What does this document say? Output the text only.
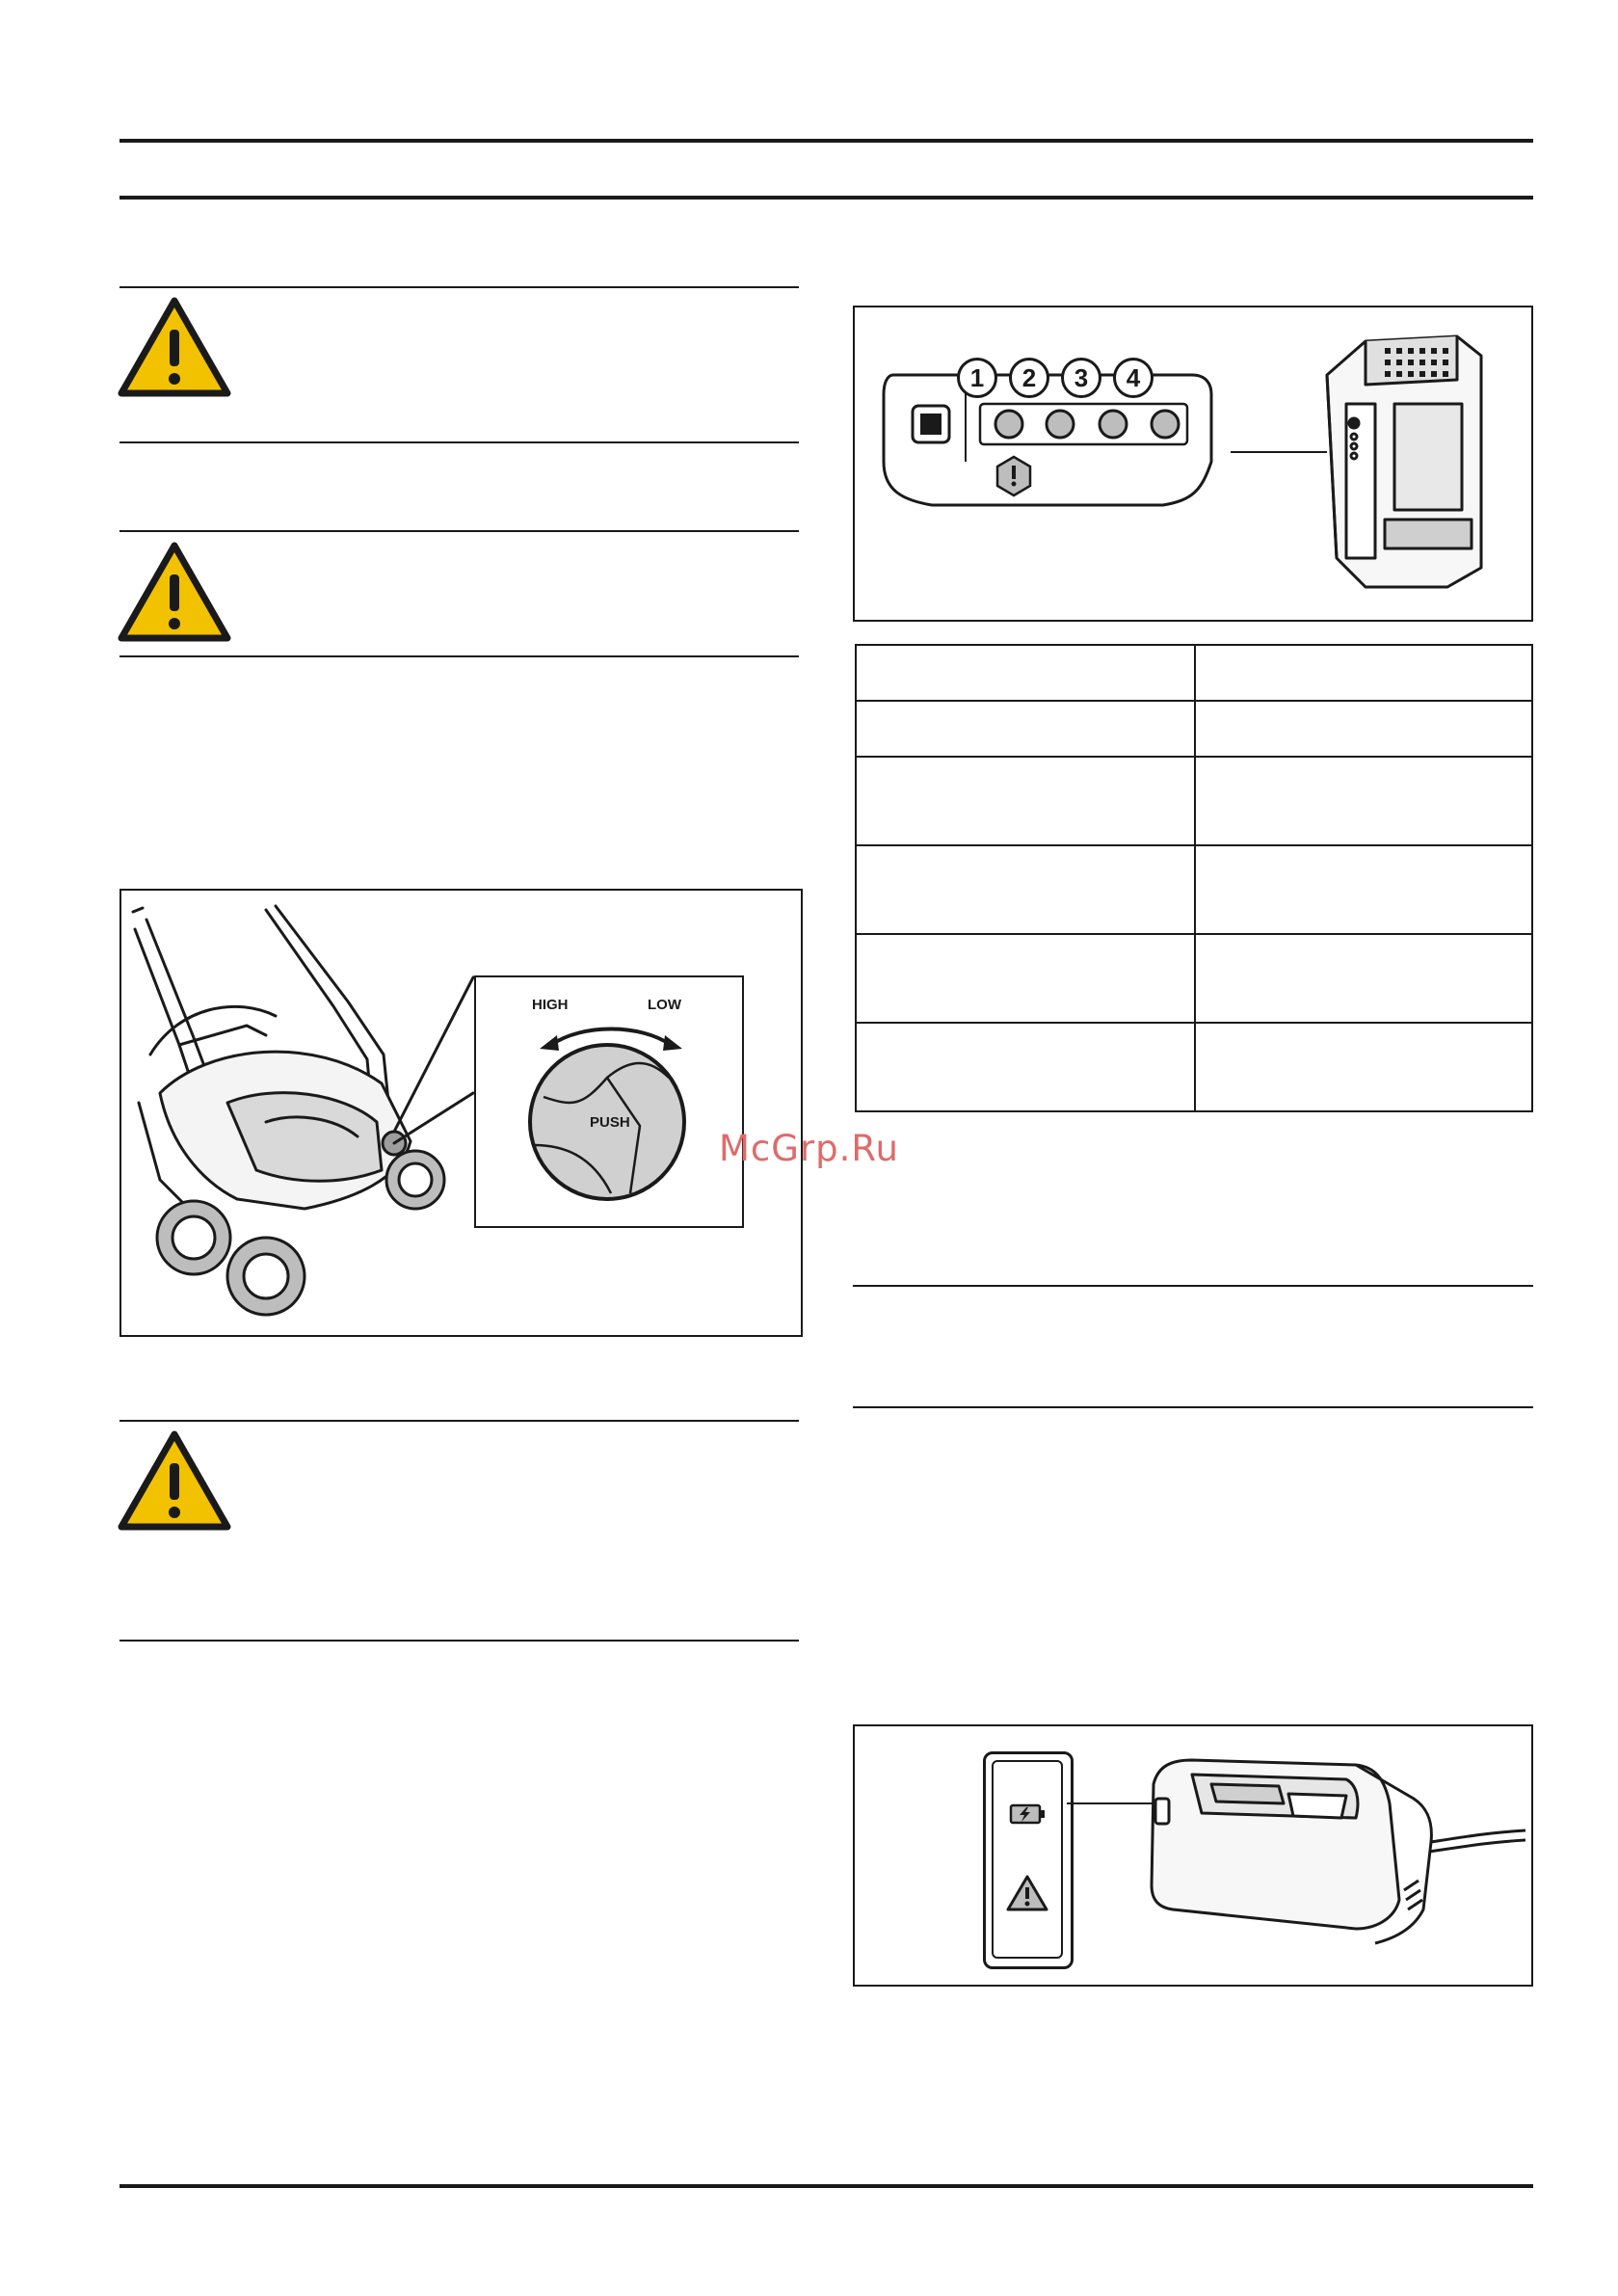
HIGH	LOW
PUSH
1	2	3	4

McGrp.Ru
